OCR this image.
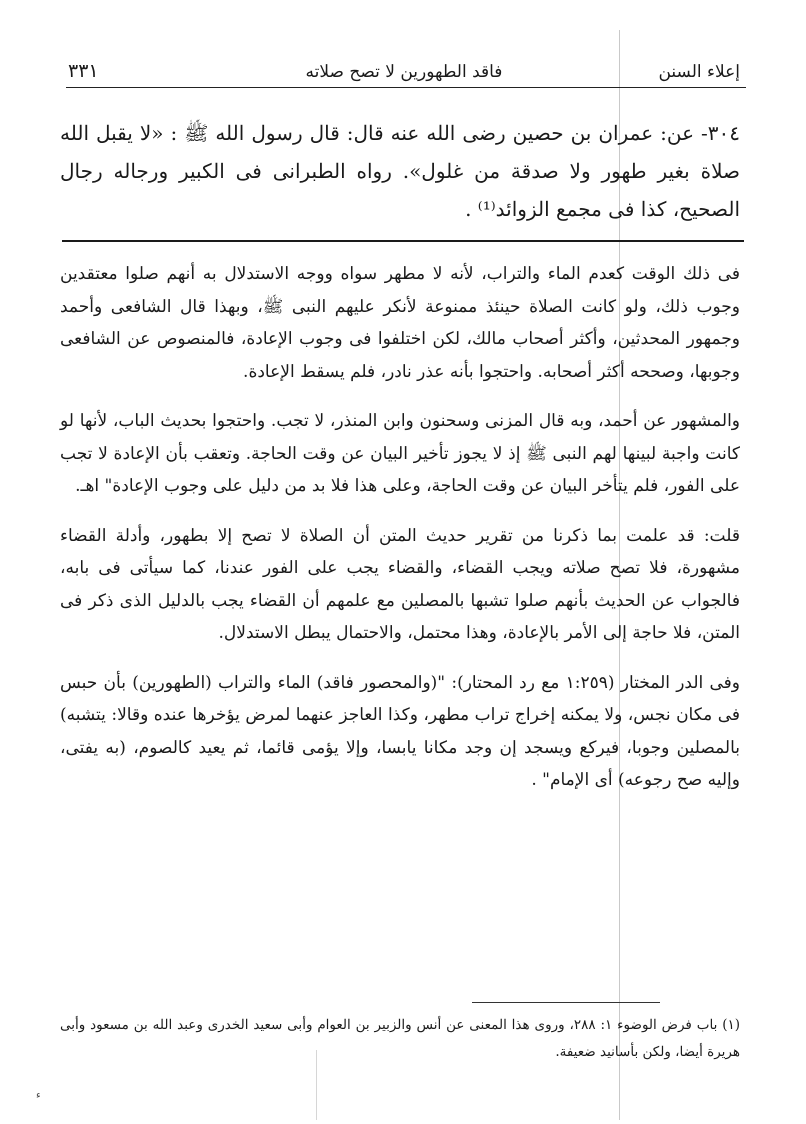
إعلاء السنن
فاقد الطهورين لا تصح صلاته
٣٣١
٣٠٤- عن: عمران بن حصين رضى الله عنه قال: قال رسول الله ﷺ : «لا يقبل الله صلاة بغير طهور ولا صدقة من غلول». رواه الطبرانى فى الكبير ورجاله رجال الصحيح، كذا فى مجمع الزوائد⁽¹⁾ .

فى ذلك الوقت كعدم الماء والتراب، لأنه لا مطهر سواه ووجه الاستدلال به أنهم صلوا معتقدين وجوب ذلك، ولو كانت الصلاة حينئذ ممنوعة لأنكر عليهم النبى ﷺ، وبهذا قال الشافعى وأحمد وجمهور المحدثين، وأكثر أصحاب مالك، لكن اختلفوا فى وجوب الإعادة، فالمنصوص عن الشافعى وجوبها، وصححه أكثر أصحابه. واحتجوا بأنه عذر نادر، فلم يسقط الإعادة.

والمشهور عن أحمد، وبه قال المزنى وسحنون وابن المنذر، لا تجب. واحتجوا بحديث الباب، لأنها لو كانت واجبة لبينها لهم النبى ﷺ إذ لا يجوز تأخير البيان عن وقت الحاجة. وتعقب بأن الإعادة لا تجب على الفور، فلم يتأخر البيان عن وقت الحاجة، وعلى هذا فلا بد من دليل على وجوب الإعادة" اهـ.

قلت: قد علمت بما ذكرنا من تقرير حديث المتن أن الصلاة لا تصح إلا بطهور، وأدلة القضاء مشهورة، فلا تصح صلاته ويجب القضاء، والقضاء يجب على الفور عندنا، كما سيأتى فى بابه، فالجواب عن الحديث بأنهم صلوا تشبها بالمصلين مع علمهم أن القضاء يجب بالدليل الذى ذكر فى المتن، فلا حاجة إلى الأمر بالإعادة، وهذا محتمل، والاحتمال يبطل الاستدلال.

وفى الدر المختار (١:٢٥٩ مع رد المحتار): "(والمحصور فاقد) الماء والتراب (الطهورين) بأن حبس فى مكان نجس، ولا يمكنه إخراج تراب مطهر، وكذا العاجز عنهما لمرض يؤخرها عنده وقالا: يتشبه) بالمصلين وجوبا، فيركع ويسجد إن وجد مكانا يابسا، وإلا يؤمى قائما، ثم يعيد كالصوم، (به يفتى، وإليه صح رجوعه) أى الإمام" .

(١) باب فرض الوضوء ١: ٢٨٨، وروى هذا المعنى عن أنس والزبير بن العوام وأبى سعيد الخدرى وعبد الله بن مسعود وأبى هريرة أيضا، ولكن بأسانيد ضعيفة.
ء
